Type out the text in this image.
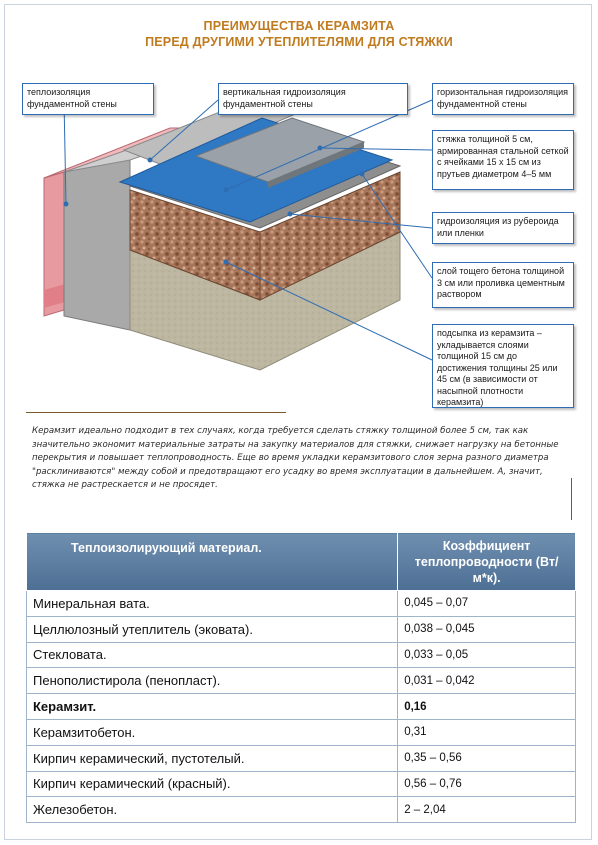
ПРЕИМУЩЕСТВА КЕРАМЗИТА
ПЕРЕД ДРУГИМИ УТЕПЛИТЕЛЯМИ ДЛЯ СТЯЖКИ
теплоизоляция фундаментной стены
вертикальная гидроизоляция фундаментной стены
горизонтальная гидроизоляция фундаментной стены
стяжка толщиной 5 см, армированная стальной сеткой с ячейками 15 х 15 см из прутьев диаметром 4–5 мм
гидроизоляция из рубероида или пленки
слой тощего бетона толщиной 3 см или проливка цементным раствором
подсыпка из керамзита – укладывается слоями толщиной 15 см до достижения толщины 25 или 45 см (в зависимости от насыпной плотности керамзита)
Керамзит идеально подходит в тех случаях, когда требуется сделать стяжку толщиной более 5 см, так как значительно экономит материальные затраты на закупку материалов для стяжки, снижает нагрузку на бетонные перекрытия и повышает теплопроводность. Еще во время укладки керамзитового слоя зерна разного диаметра "расклиниваются" между собой и предотвращают его усадку во время эксплуатации в дальнейшем. А, значит, стяжка не растрескается и не просядет.
Теплоизолирующий материал.	Коэффициент теплопроводности (Вт/м*к).
Минеральная вата.	0,045 – 0,07
Целлюлозный утеплитель (эковата).	0,038 – 0,045
Стекловата.	0,033 – 0,05
Пенополистирола (пенопласт).	0,031 – 0,042
Керамзит.	0,16
Керамзитобетон.	0,31
Кирпич керамический, пустотелый.	0,35 – 0,56
Кирпич керамический (красный).	0,56 – 0,76
Железобетон.	2 – 2,04
